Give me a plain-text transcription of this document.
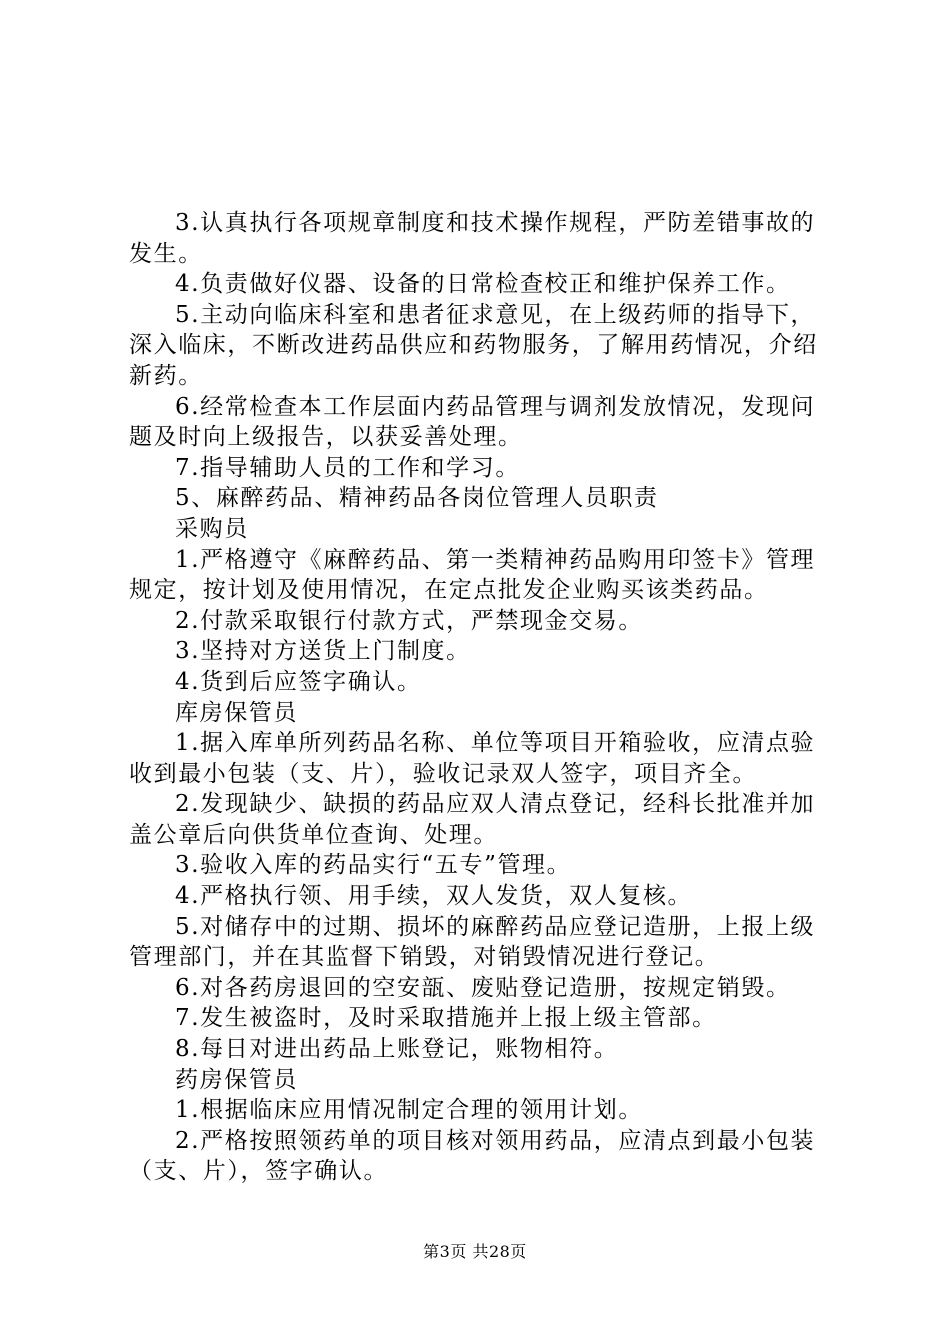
3.认真执行各项规章制度和技术操作规程，严防差错事故的发生。

4.负责做好仪器、设备的日常检查校正和维护保养工作。

5.主动向临床科室和患者征求意见，在上级药师的指导下，深入临床，不断改进药品供应和药物服务，了解用药情况，介绍新药。

6.经常检查本工作层面内药品管理与调剂发放情况，发现问题及时向上级报告，以获妥善处理。

7.指导辅助人员的工作和学习。

5、麻醉药品、精神药品各岗位管理人员职责

采购员

1.严格遵守《麻醉药品、第一类精神药品购用印签卡》管理规定，按计划及使用情况，在定点批发企业购买该类药品。

2.付款采取银行付款方式，严禁现金交易。

3.坚持对方送货上门制度。

4.货到后应签字确认。

库房保管员

1.据入库单所列药品名称、单位等项目开箱验收，应清点验收到最小包装（支、片），验收记录双人签字，项目齐全。

2.发现缺少、缺损的药品应双人清点登记，经科长批准并加盖公章后向供货单位查询、处理。

3.验收入库的药品实行“五专”管理。

4.严格执行领、用手续，双人发货，双人复核。

5.对储存中的过期、损坏的麻醉药品应登记造册，上报上级管理部门，并在其监督下销毁，对销毁情况进行登记。

6.对各药房退回的空安瓿、废贴登记造册，按规定销毁。

7.发生被盗时，及时采取措施并上报上级主管部。

8.每日对进出药品上账登记，账物相符。

药房保管员

1.根据临床应用情况制定合理的领用计划。

2.严格按照领药单的项目核对领用药品，应清点到最小包装（支、片），签字确认。

第3页 共28页
